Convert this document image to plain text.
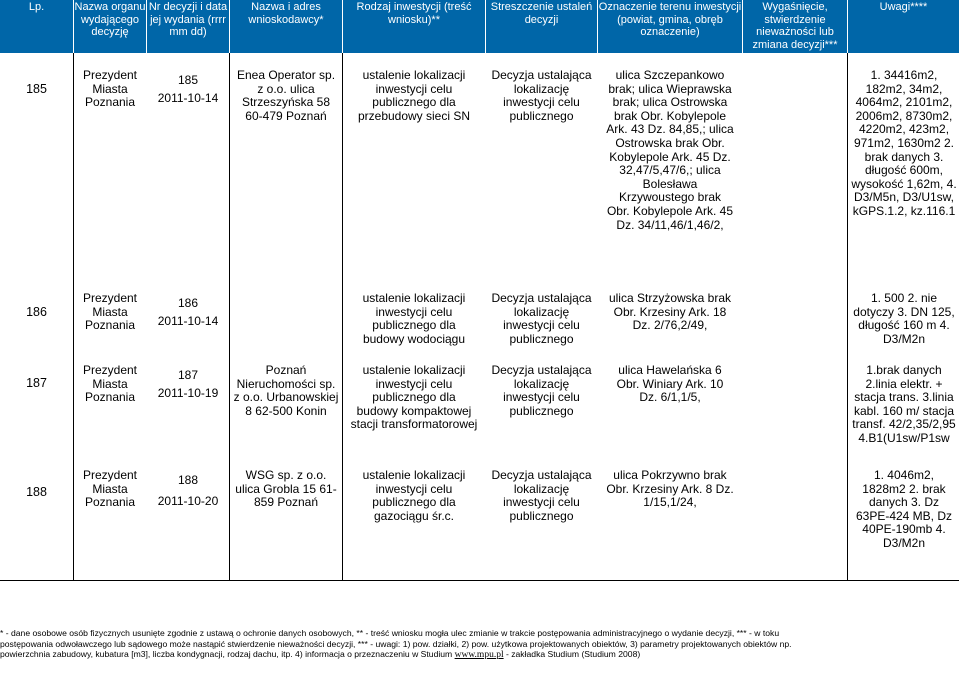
Lp.	Nazwa organu wydającego decyzję
Nr decyzji i data jej wydania (rrrr mm dd)
Nazwa i adres wnioskodawcy*
Rodzaj inwestycji (treść wniosku)**
Streszczenie ustaleń decyzji
Oznaczenie terenu inwestycji (powiat, gmina, obręb oznaczenie)
Wygaśnięcie, stwierdzenie nieważności lub zmiana decyzji***
Uwagi****
185
Prezydent Miasta Poznania
185
2011-10-14
Enea Operator sp. z o.o. ulica Strzeszyńska 58 60-479 Poznań
ustalenie lokalizacji inwestycji celu publicznego dla przebudowy sieci SN
Decyzja ustalająca lokalizację inwestycji celu publicznego
ulica Szczepankowo brak; ulica Wieprawska brak; ulica Ostrowska brak Obr. Kobylepole Ark. 43 Dz. 84,85,; ulica Ostrowska brak Obr. Kobylepole Ark. 45 Dz. 32,47/5,47/6,; ulica Bolesława Krzywoustego brak Obr. Kobylepole Ark. 45 Dz. 34/11,46/1,46/2,
1. 34416m2, 182m2, 34m2, 4064m2, 2101m2, 2006m2, 8730m2, 4220m2, 423m2, 971m2, 1630m2 2. brak danych 3. długość 600m, wysokość 1,62m, 4. D3/M5n, D3/U1sw, kGPS.1.2, kz.116.1
186
Prezydent Miasta Poznania
186
2011-10-14
ustalenie lokalizacji inwestycji celu publicznego dla budowy wodociągu
Decyzja ustalająca lokalizację inwestycji celu publicznego
ulica Strzyżowska brak Obr. Krzesiny Ark. 18 Dz. 2/76,2/49,
1. 500 2. nie dotyczy 3. DN 125, długość 160 m 4. D3/M2n
187
Prezydent Miasta Poznania
187
2011-10-19
Poznań Nieruchomości sp. z o.o. Urbanowskiej 8 62-500 Konin
ustalenie lokalizacji inwestycji celu publicznego dla budowy kompaktowej stacji transformatorowej
Decyzja ustalająca lokalizację inwestycji celu publicznego
ulica Hawelańska 6 Obr. Winiary Ark. 10 Dz. 6/1,1/5,
1.brak danych 2.linia elektr. + stacja trans. 3.linia kabl. 160 m/ stacja transf. 42/2,35/2,95 4.B1(U1sw/P1sw
188
Prezydent Miasta Poznania
188
2011-10-20
WSG sp. z o.o. ulica Grobla 15 61-859 Poznań
ustalenie lokalizacji inwestycji celu publicznego dla gazociągu śr.c.
Decyzja ustalająca lokalizację inwestycji celu publicznego
ulica Pokrzywno brak Obr. Krzesiny Ark. 8 Dz. 1/15,1/24,
1. 4046m2, 1828m2 2. brak danych 3. Dz 63PE-424 MB, Dz 40PE-190mb 4. D3/M2n
* - dane osobowe osób fizycznych usunięte zgodnie z ustawą o ochronie danych osobowych, ** - treść wniosku mogła ulec zmianie w trakcie postępowania administracyjnego o wydanie decyzji, *** - w toku
postępowania odwoławczego lub sądowego może nastąpić stwierdzenie nieważności decyzji, *** - uwagi: 1) pow. działki, 2) pow. użytkowa projektowanych obiektów, 3) parametry projektowanych obiektów np.
powierzchnia zabudowy, kubatura [m3], liczba kondygnacji, rodzaj dachu, itp. 4) informacja o przeznaczeniu w Studium www.mpu.pl - zakładka Studium (Studium 2008)
